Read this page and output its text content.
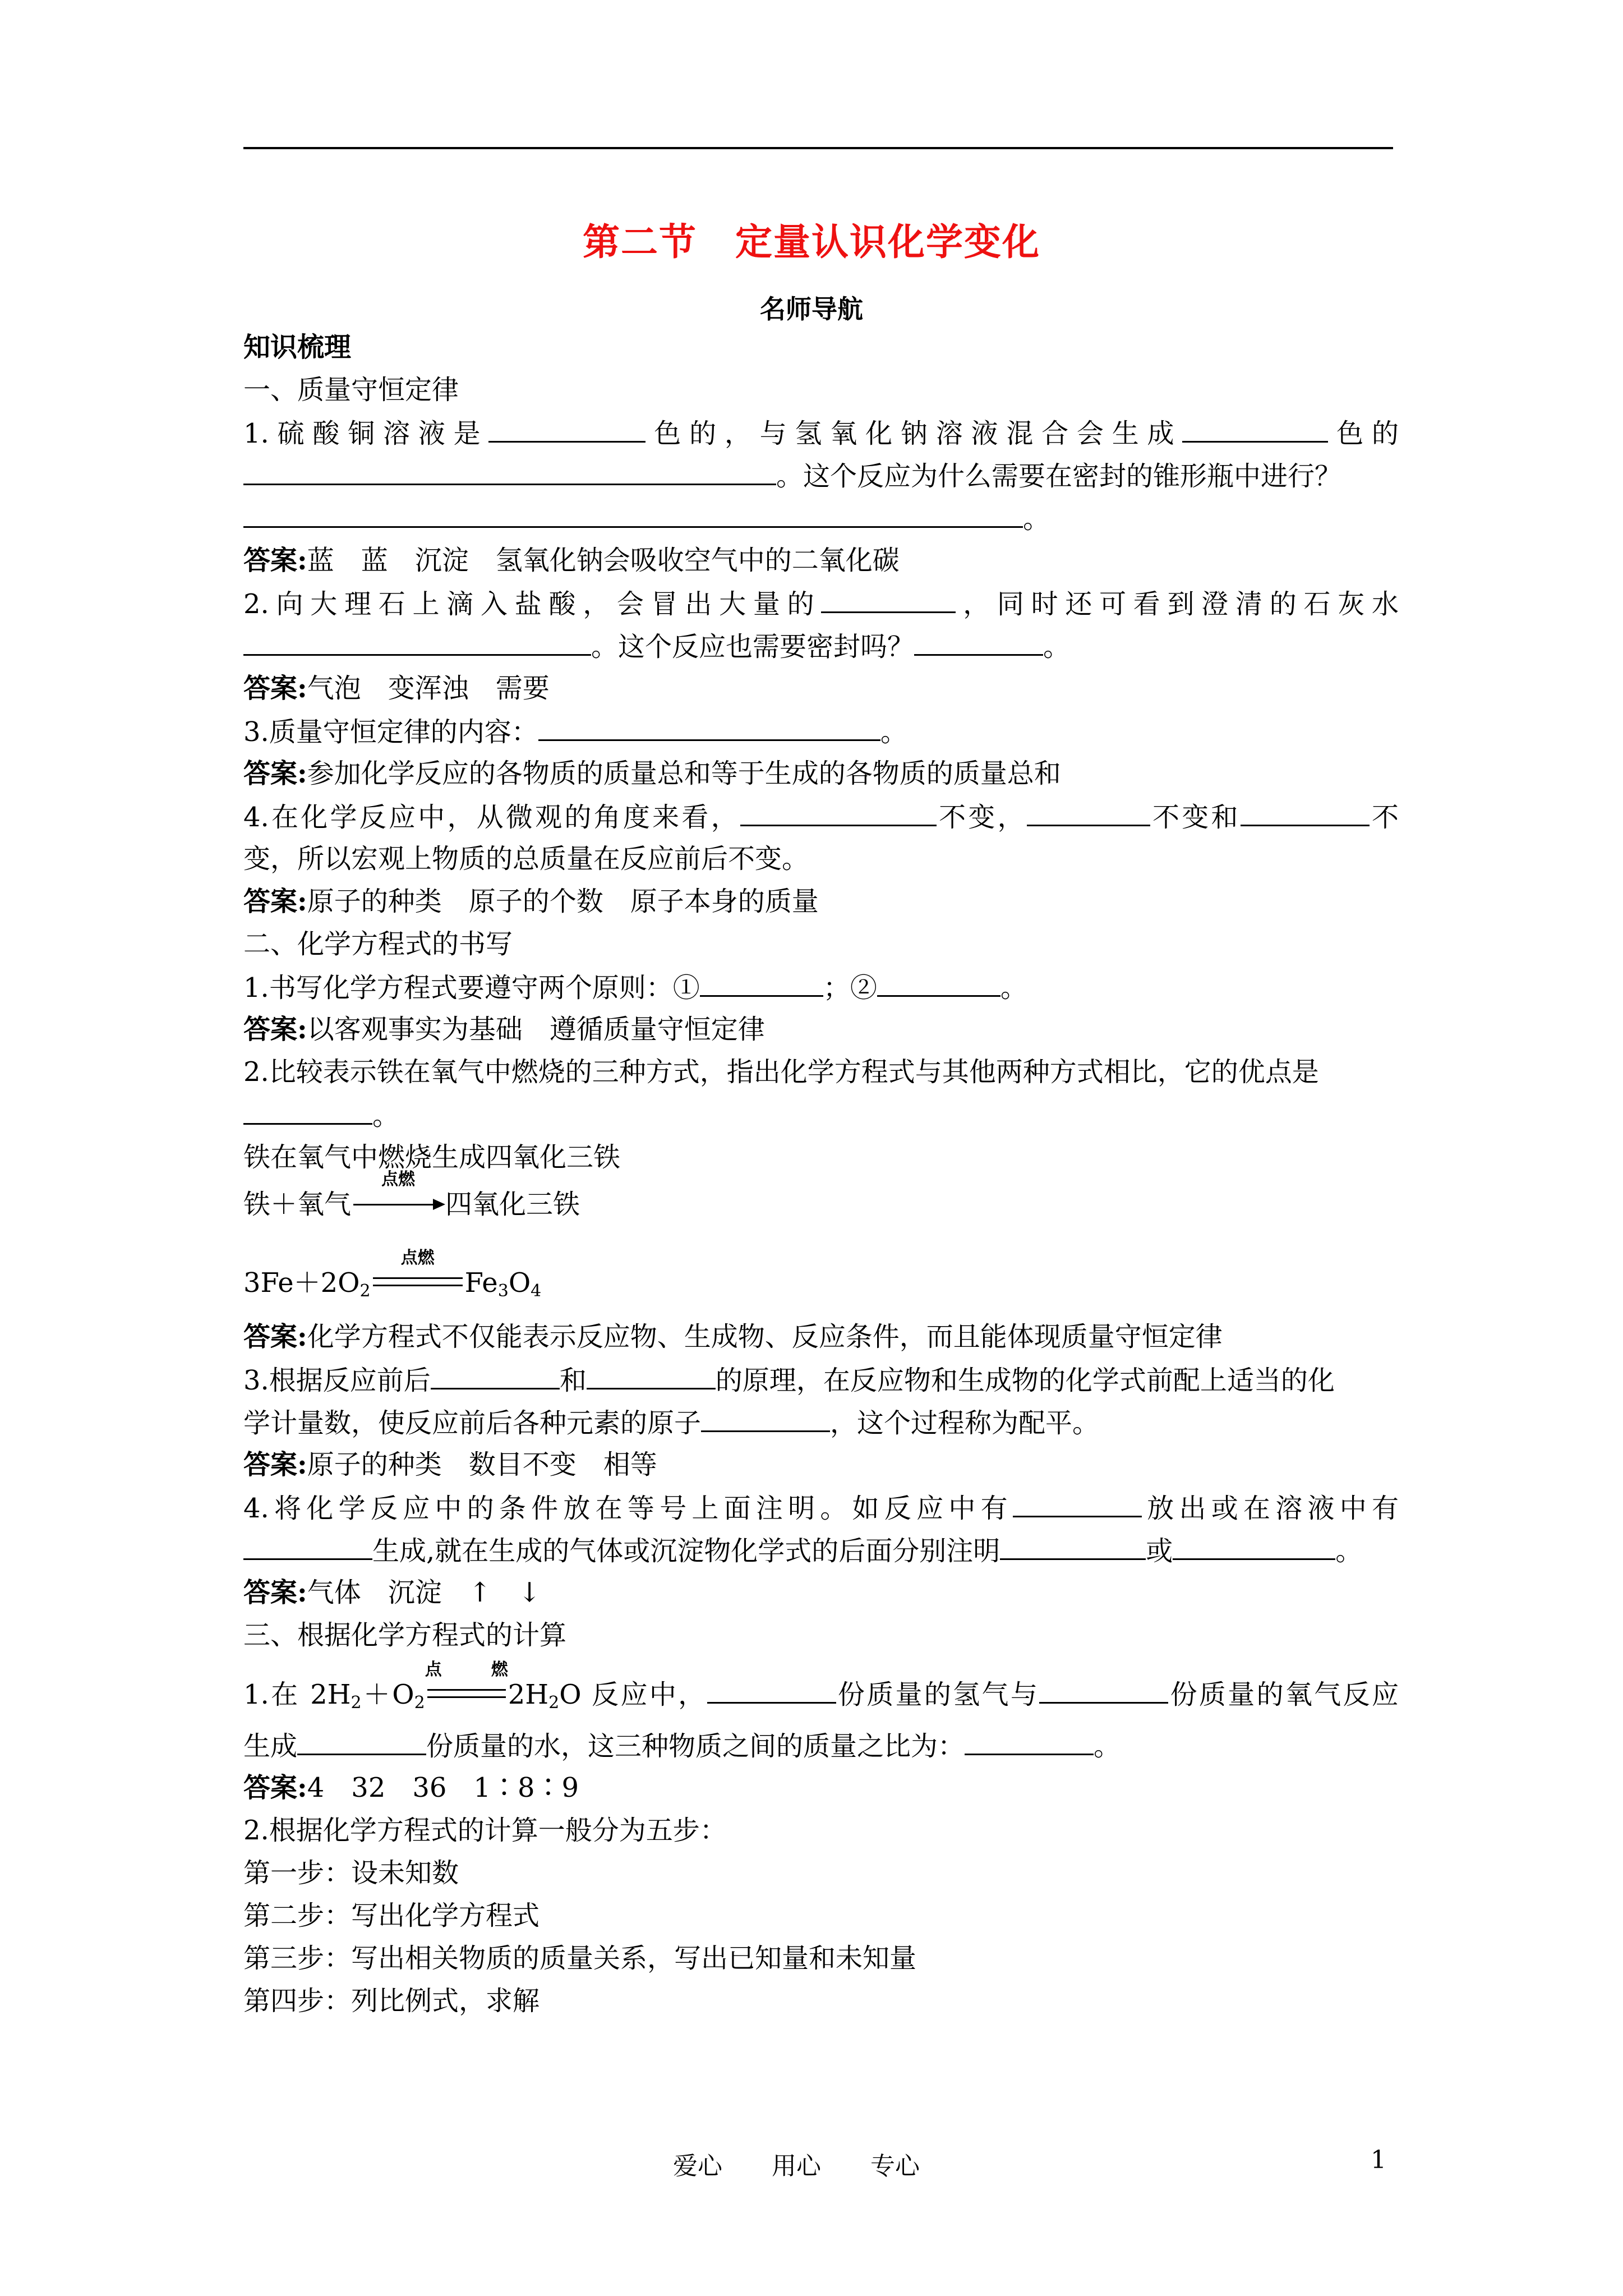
第二节　定量认识化学变化
名师导航
知识梳理
一、质量守恒定律
1.硫酸铜溶液是	色的，与氢氧化钠溶液混合会生成	色的
。这个反应为什么需要在密封的锥形瓶中进行？
。
答案:蓝　蓝　沉淀　氢氧化钠会吸收空气中的二氧化碳
2.向大理石上滴入盐酸，会冒出大量的	，同时还可看到澄清的石灰水
。这个反应也需要密封吗？	。
答案:气泡　变浑浊　需要
3.质量守恒定律的内容：	。
答案:参加化学反应的各物质的质量总和等于生成的各物质的质量总和
4.在化学反应中，从微观的角度来看，	不变，	不变和	不
变，所以宏观上物质的总质量在反应前后不变。
答案:原子的种类　原子的个数　原子本身的质量
二、化学方程式的书写
1.书写化学方程式要遵守两个原则：①	；②	。
答案:以客观事实为基础　遵循质量守恒定律
2.比较表示铁在氧气中燃烧的三种方式，指出化学方程式与其他两种方式相比，它的优点是
。
铁在氧气中燃烧生成四氧化三铁
铁＋氧气
点燃
四氧化三铁
$3Fe+2O_2$
点燃
$Fe_3O_4$
答案:化学方程式不仅能表示反应物、生成物、反应条件，而且能体现质量守恒定律
3.根据反应前后	和	的原理，在反应物和生成物的化学式前配上适当的化
学计量数，使反应前后各种元素的原子	，这个过程称为配平。
答案:原子的种类　数目不变　相等
4.将化学反应中的条件放在等号上面注明。如反应中有	放出或在溶液中有
生成,就在生成的气体或沉淀物化学式的后面分别注明	或	。
答案:气体　沉淀　↑　↓
三、根据化学方程式的计算
1.在 $2H_2+O_2$
点燃
$2H_2O$ 反应中，	份质量的氢气与	份质量的氧气反应
生成	份质量的水，这三种物质之间的质量之比为：	。
答案:4　32　36　1∶8∶9
2.根据化学方程式的计算一般分为五步：
第一步：设未知数
第二步：写出化学方程式
第三步：写出相关物质的质量关系，写出已知量和未知量
第四步：列比例式，求解
爱心　　用心　　专心	1
